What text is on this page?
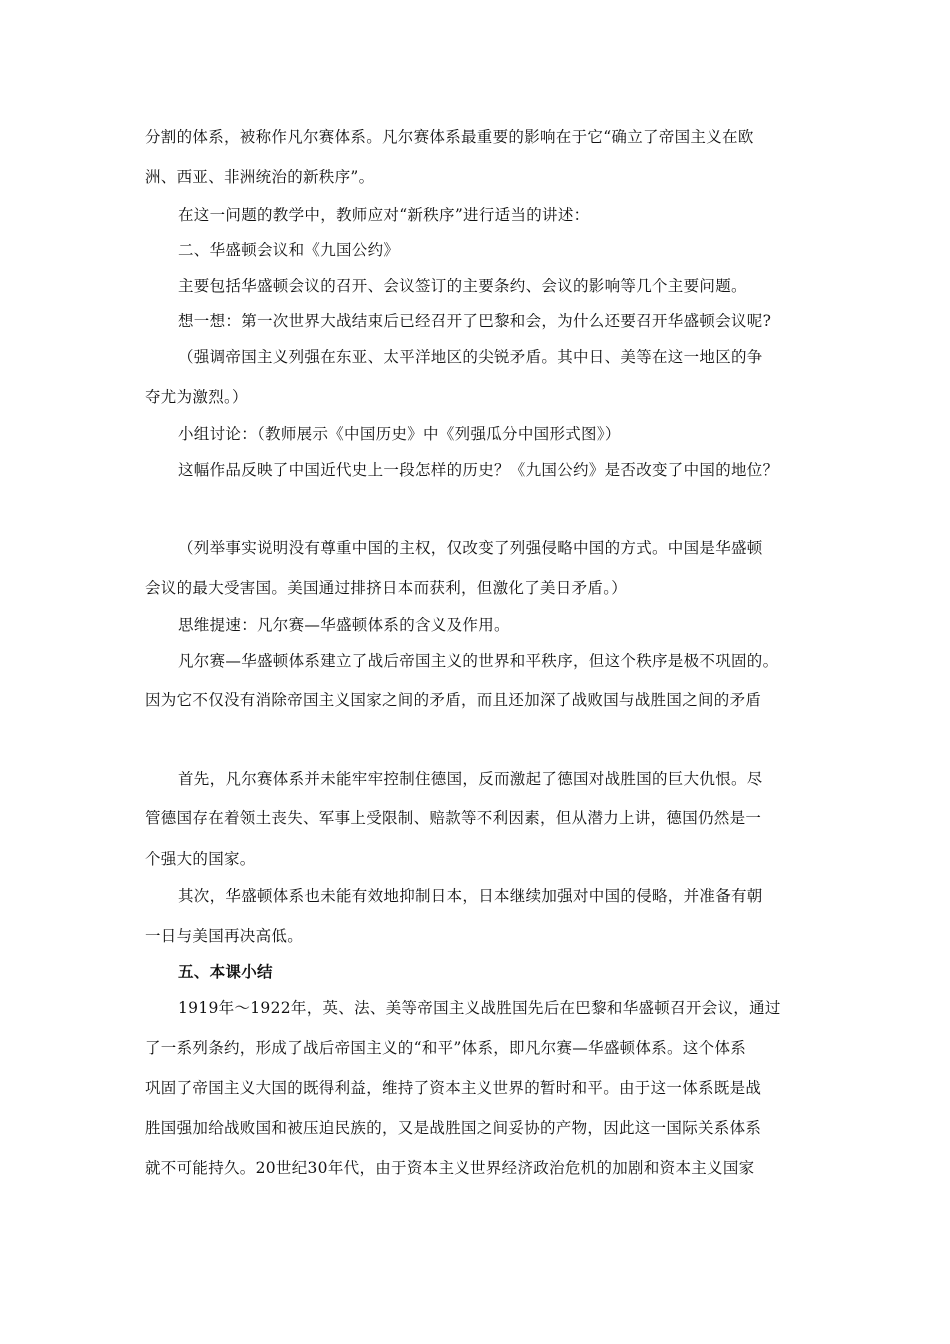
分割的体系，被称作凡尔赛体系。凡尔赛体系最重要的影响在于它“确立了帝国主义在欧
洲、西亚、非洲统治的新秩序”。
在这一问题的教学中，教师应对“新秩序”进行适当的讲述：
二、华盛顿会议和《九国公约》
主要包括华盛顿会议的召开、会议签订的主要条约、会议的影响等几个主要问题。
想一想：第一次世界大战结束后已经召开了巴黎和会，为什么还要召开华盛顿会议呢?
（强调帝国主义列强在东亚、太平洋地区的尖锐矛盾。其中日、美等在这一地区的争
夺尤为激烈。）
小组讨论：（教师展示《中国历史》中《列强瓜分中国形式图》）
这幅作品反映了中国近代史上一段怎样的历史？《九国公约》是否改变了中国的地位？
（列举事实说明没有尊重中国的主权，仅改变了列强侵略中国的方式。中国是华盛顿
会议的最大受害国。美国通过排挤日本而获利，但激化了美日矛盾。）
思维提速：凡尔赛—华盛顿体系的含义及作用。
凡尔赛—华盛顿体系建立了战后帝国主义的世界和平秩序，但这个秩序是极不巩固的。
因为它不仅没有消除帝国主义国家之间的矛盾，而且还加深了战败国与战胜国之间的矛盾
首先，凡尔赛体系并未能牢牢控制住德国，反而激起了德国对战胜国的巨大仇恨。尽
管德国存在着领土丧失、军事上受限制、赔款等不利因素，但从潜力上讲，德国仍然是一
个强大的国家。
其次，华盛顿体系也未能有效地抑制日本，日本继续加强对中国的侵略，并准备有朝
一日与美国再决高低。
五、本课小结
1919年～1922年，英、法、美等帝国主义战胜国先后在巴黎和华盛顿召开会议，通过
了一系列条约，形成了战后帝国主义的“和平”体系，即凡尔赛—华盛顿体系。这个体系
巩固了帝国主义大国的既得利益，维持了资本主义世界的暂时和平。由于这一体系既是战
胜国强加给战败国和被压迫民族的，又是战胜国之间妥协的产物，因此这一国际关系体系
就不可能持久。20世纪30年代，由于资本主义世界经济政治危机的加剧和资本主义国家
